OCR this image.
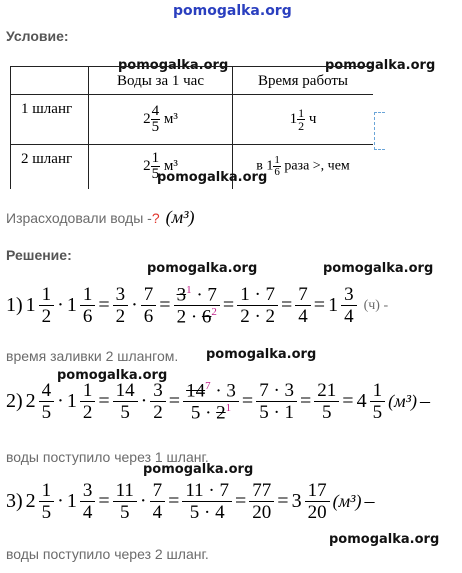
pomogalka.org
Условие:
pomogalka.org	pomogalka.org
	Воды за 1 час	Время работы
1 шланг	$2 \frac{4}{5} м^3$	$1 \frac{1}{2}$ ч
2 шланг	$2 \frac{1}{5} м^3$	в $1 \frac{1}{6}$ раза >, чем
pomogalka.org
Израсходовали воды - ? (м³)
Решение:
pomogalka.org	pomogalka.org
1) $1 \frac{1}{2} \cdot 1 \frac{1}{6} = \frac{3}{2} \cdot \frac{7}{6} = \frac{3^1 \cdot 7}{2 \cdot 6^2} = \frac{1 \cdot 7}{2 \cdot 2} = \frac{7}{4} = 1 \frac{3}{4} (ч)$ -
время заливки 2 шлангом. pomogalka.org
pomogalka.org
2) $2 \frac{4}{5} \cdot 1 \frac{1}{2} = \frac{14}{5} \cdot \frac{3}{2} = \frac{14^7 \cdot 3}{5 \cdot 2^1} = \frac{7 \cdot 3}{5 \cdot 1} = \frac{21}{5} = 4 \frac{1}{5} (м^3)$ –
воды поступило через 1 шланг.
pomogalka.org
3) $2 \frac{1}{5} \cdot 1 \frac{3}{4} = \frac{11}{5} \cdot \frac{7}{4} = \frac{11 \cdot 7}{5 \cdot 4} = \frac{77}{20} = 3 \frac{17}{20} (м^3)$ –
pomogalka.org
воды поступило через 2 шланг.
